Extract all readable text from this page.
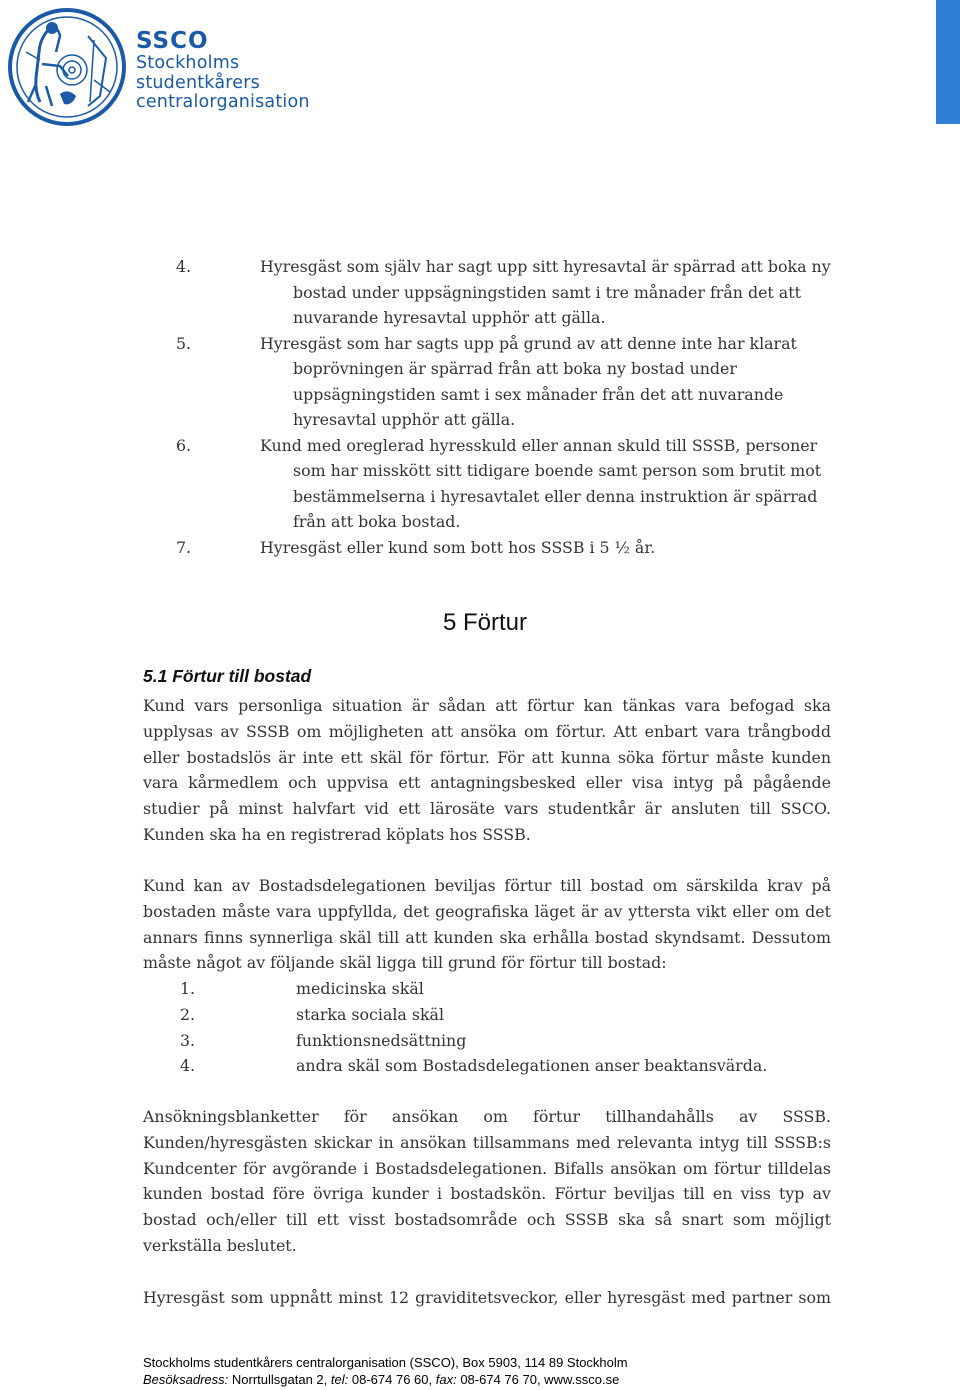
SSCO
Stockholms
studentkårers
centralorganisation
4.	Hyresgäst som själv har sagt upp sitt hyresavtal är spärrad att boka ny bostad under uppsägningstiden samt i tre månader från det att nuvarande hyresavtal upphör att gälla.
5.	Hyresgäst som har sagts upp på grund av att denne inte har klarat boprövningen är spärrad från att boka ny bostad under uppsägningstiden samt i sex månader från det att nuvarande hyresavtal upphör att gälla.
6.	Kund med oreglerad hyresskuld eller annan skuld till SSSB, personer som har misskött sitt tidigare boende samt person som brutit mot bestämmelserna i hyresavtalet eller denna instruktion är spärrad från att boka bostad.
7.	Hyresgäst eller kund som bott hos SSSB i 5 ½ år.
5 Förtur
5.1 Förtur till bostad
Kund vars personliga situation är sådan att förtur kan tänkas vara befogad ska upplysas av SSSB om möjligheten att ansöka om förtur. Att enbart vara trångbodd eller bostadslös är inte ett skäl för förtur. För att kunna söka förtur måste kunden vara kårmedlem och uppvisa ett antagningsbesked eller visa intyg på pågående studier på minst halvfart vid ett lärosäte vars studentkår är ansluten till SSCO. Kunden ska ha en registrerad köplats hos SSSB.
Kund kan av Bostadsdelegationen beviljas förtur till bostad om särskilda krav på bostaden måste vara uppfyllda, det geografiska läget är av yttersta vikt eller om det annars finns synnerliga skäl till att kunden ska erhålla bostad skyndsamt. Dessutom måste något av följande skäl ligga till grund för förtur till bostad:
1.	medicinska skäl
2.	starka sociala skäl
3.	funktionsnedsättning
4.	andra skäl som Bostadsdelegationen anser beaktansvärda.
Ansökningsblanketter för ansökan om förtur tillhandahålls av SSSB. Kunden/hyresgästen skickar in ansökan tillsammans med relevanta intyg till SSSB:s Kundcenter för avgörande i Bostadsdelegationen. Bifalls ansökan om förtur tilldelas kunden bostad före övriga kunder i bostadskön. Förtur beviljas till en viss typ av bostad och/eller till ett visst bostadsområde och SSSB ska så snart som möjligt verkställa beslutet.
Hyresgäst som uppnått minst 12 graviditetsveckor, eller hyresgäst med partner som
Stockholms studentkårers centralorganisation (SSCO), Box 5903, 114 89 Stockholm
Besöksadress: Norrtullsgatan 2, tel: 08-674 76 60, fax: 08-674 76 70, www.ssco.se
